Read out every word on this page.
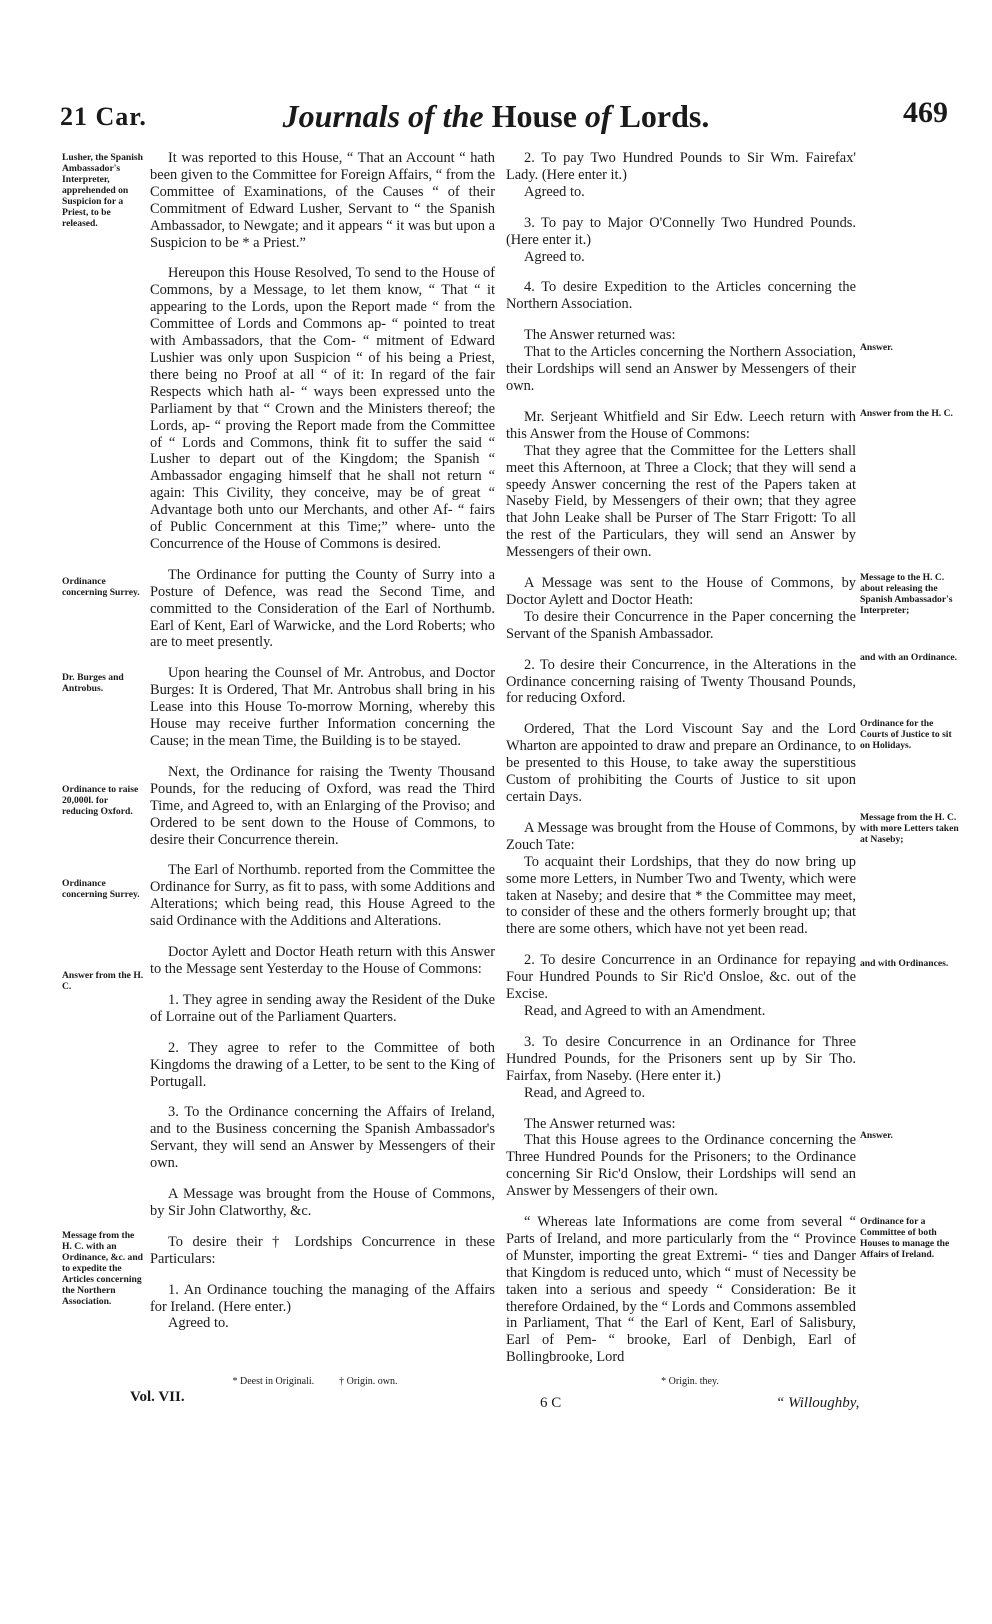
21 Car.	Journals of the House of Lords.	469
Lusher, the Spanish Ambassador's Interpreter, apprehended on Suspicion for a Priest, to be released.
Ordinance concerning Surrey.
Dr. Burges and Antrobus.
Ordinance to raise 20,000l. for reducing Oxford.
Ordinance concerning Surrey.
Answer from the H. C.
Message from the H. C. with an Ordinance, &c. and to expedite the Articles concerning the Northern Association.
Answer.
Answer from the H. C.
Message to the H. C. about releasing the Spanish Ambassador's Interpreter;
and with an Ordinance.
Ordinance for the Courts of Justice to sit on Holidays.
Message from the H. C. with more Letters taken at Naseby;
and with Ordinances.
Answer.
Ordinance for a Committee of both Houses to manage the Affairs of Ireland.

It was reported to this House, “ That an Account “ hath been given to the Committee for Foreign Affairs, “ from the Committee of Examinations, of the Causes “ of their Commitment of Edward Lusher, Servant to “ the Spanish Ambassador, to Newgate; and it appears “ it was but upon a Suspicion to be * a Priest.”

Hereupon this House Resolved, To send to the House of Commons, by a Message, to let them know, “ That “ it appearing to the Lords, upon the Report made “ from the Committee of Lords and Commons ap- “ pointed to treat with Ambassadors, that the Com- “ mitment of Edward Lushier was only upon Suspicion “ of his being a Priest, there being no Proof at all “ of it: In regard of the fair Respects which hath al- “ ways been expressed unto the Parliament by that “ Crown and the Ministers thereof; the Lords, ap- “ proving the Report made from the Committee of “ Lords and Commons, think fit to suffer the said “ Lusher to depart out of the Kingdom; the Spanish “ Ambassador engaging himself that he shall not return “ again: This Civility, they conceive, may be of great “ Advantage both unto our Merchants, and other Af- “ fairs of Public Concernment at this Time;” where- unto the Concurrence of the House of Commons is desired.

The Ordinance for putting the County of Surry into a Posture of Defence, was read the Second Time, and committed to the Consideration of the Earl of Northumb. Earl of Kent, Earl of Warwicke, and the Lord Roberts; who are to meet presently.

Upon hearing the Counsel of Mr. Antrobus, and Doctor Burges: It is Ordered, That Mr. Antrobus shall bring in his Lease into this House To-morrow Morning, whereby this House may receive further Information concerning the Cause; in the mean Time, the Building is to be stayed.

Next, the Ordinance for raising the Twenty Thousand Pounds, for the reducing of Oxford, was read the Third Time, and Agreed to, with an Enlarging of the Proviso; and Ordered to be sent down to the House of Commons, to desire their Concurrence therein.

The Earl of Northumb. reported from the Committee the Ordinance for Surry, as fit to pass, with some Additions and Alterations; which being read, this House Agreed to the said Ordinance with the Additions and Alterations.

Doctor Aylett and Doctor Heath return with this Answer to the Message sent Yesterday to the House of Commons:

1. They agree in sending away the Resident of the Duke of Lorraine out of the Parliament Quarters.

2. They agree to refer to the Committee of both Kingdoms the drawing of a Letter, to be sent to the King of Portugall.

3. To the Ordinance concerning the Affairs of Ireland, and to the Business concerning the Spanish Ambassador's Servant, they will send an Answer by Messengers of their own.

A Message was brought from the House of Commons, by Sir John Clatworthy, &c.

To desire their † Lordships Concurrence in these Particulars:

1. An Ordinance touching the managing of the Affairs for Ireland. (Here enter.)

Agreed to.

2. To pay Two Hundred Pounds to Sir Wm. Fairefax' Lady. (Here enter it.)

Agreed to.

3. To pay to Major O'Connelly Two Hundred Pounds. (Here enter it.)

Agreed to.

4. To desire Expedition to the Articles concerning the Northern Association.

The Answer returned was:

That to the Articles concerning the Northern Association, their Lordships will send an Answer by Messengers of their own.

Mr. Serjeant Whitfield and Sir Edw. Leech return with this Answer from the House of Commons:

That they agree that the Committee for the Letters shall meet this Afternoon, at Three a Clock; that they will send a speedy Answer concerning the rest of the Papers taken at Naseby Field, by Messengers of their own; that they agree that John Leake shall be Purser of The Starr Frigott: To all the rest of the Particulars, they will send an Answer by Messengers of their own.

A Message was sent to the House of Commons, by Doctor Aylett and Doctor Heath:

To desire their Concurrence in the Paper concerning the Servant of the Spanish Ambassador.

2. To desire their Concurrence, in the Alterations in the Ordinance concerning raising of Twenty Thousand Pounds, for reducing Oxford.

Ordered, That the Lord Viscount Say and the Lord Wharton are appointed to draw and prepare an Ordinance, to be presented to this House, to take away the superstitious Custom of prohibiting the Courts of Justice to sit upon certain Days.

A Message was brought from the House of Commons, by Zouch Tate:

To acquaint their Lordships, that they do now bring up some more Letters, in Number Two and Twenty, which were taken at Naseby; and desire that * the Committee may meet, to consider of these and the others formerly brought up; that there are some others, which have not yet been read.

2. To desire Concurrence in an Ordinance for repaying Four Hundred Pounds to Sir Ric'd Onsloe, &c. out of the Excise.

Read, and Agreed to with an Amendment.

3. To desire Concurrence in an Ordinance for Three Hundred Pounds, for the Prisoners sent up by Sir Tho. Fairfax, from Naseby. (Here enter it.)

Read, and Agreed to.

The Answer returned was:

That this House agrees to the Ordinance concerning the Three Hundred Pounds for the Prisoners; to the Ordinance concerning Sir Ric'd Onslow, their Lordships will send an Answer by Messengers of their own.

“ Whereas late Informations are come from several “ Parts of Ireland, and more particularly from the “ Province of Munster, importing the great Extremi- “ ties and Danger that Kingdom is reduced unto, which “ must of Necessity be taken into a serious and speedy “ Consideration: Be it therefore Ordained, by the “ Lords and Commons assembled in Parliament, That “ the Earl of Kent, Earl of Salisbury, Earl of Pem- “ brooke, Earl of Denbigh, Earl of Bollingbrooke, Lord

* Deest in Originali.	† Origin. own.
Vol. VII.
* Origin. they.
6 C	“ Willoughby,
